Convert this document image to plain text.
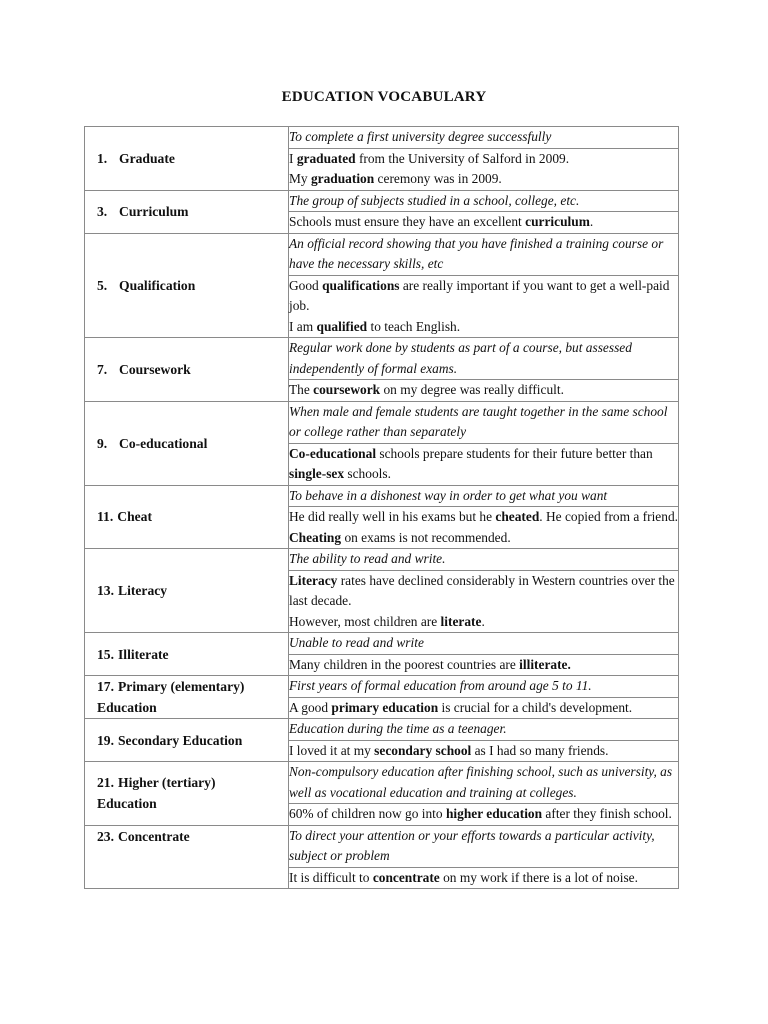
EDUCATION VOCABULARY
1. Graduate	To complete a first university degree successfully

	I graduated from the University of Salford in 2009.
My graduation ceremony was in 2009.

3. Curriculum	The group of subjects studied in a school, college, etc.

	Schools must ensure they have an excellent curriculum.

5. Qualification	An official record showing that you have finished a training course or have the necessary skills, etc

	Good qualifications are really important if you want to get a well-paid job.
I am qualified to teach English.

7. Coursework	Regular work done by students as part of a course, but assessed independently of formal exams.

	The coursework on my degree was really difficult.

9. Co-educational	When male and female students are taught together in the same school or college rather than separately

	Co-educational schools prepare students for their future better than single-sex schools.

11. Cheat	To behave in a dishonest way in order to get what you want

	He did really well in his exams but he cheated. He copied from a friend.
Cheating on exams is not recommended.

13. Literacy	The ability to read and write.

	Literacy rates have declined considerably in Western countries over the last decade.
However, most children are literate.

15. Illiterate	Unable to read and write

	Many children in the poorest countries are illiterate.

17. Primary (elementary)
Education	First years of formal education from around age 5 to 11.

	A good primary education is crucial for a child's development.

19. Secondary Education	Education during the time as a teenager.

	I loved it at my secondary school as I had so many friends.

21. Higher (tertiary)
Education	Non-compulsory education after finishing school, such as university, as well as vocational education and training at colleges.

	60% of children now go into higher education after they finish school.

23. Concentrate	To direct your attention or your efforts towards a particular activity, subject or problem

	It is difficult to concentrate on my work if there is a lot of noise.
